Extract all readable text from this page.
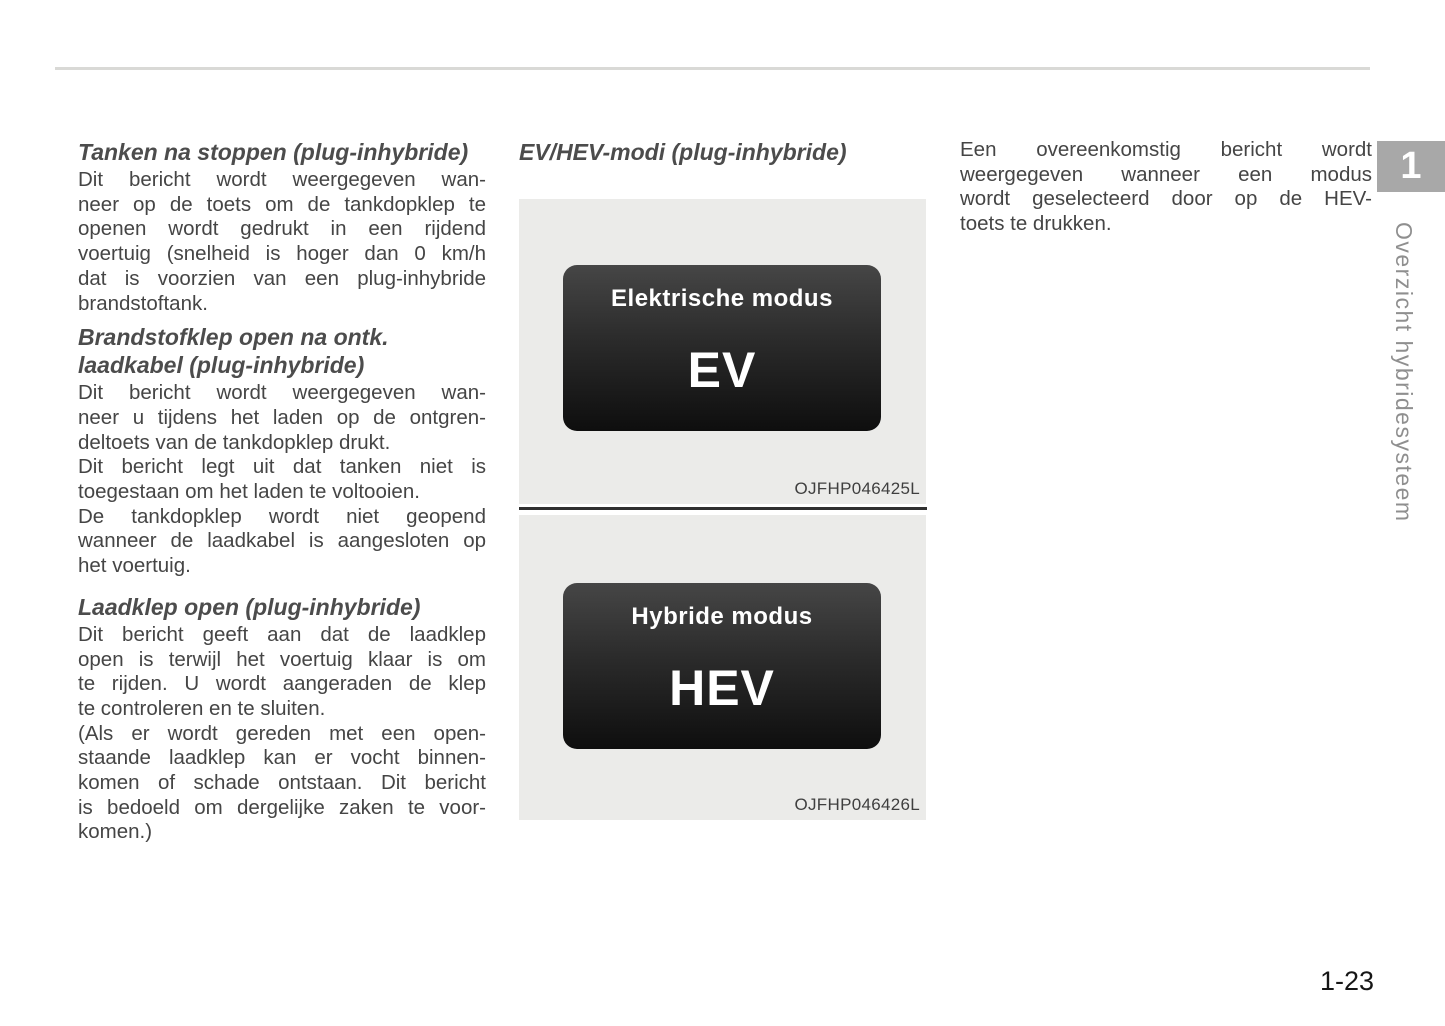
Tanken na stoppen (plug-inhybride)
Dit bericht wordt weergegeven wan-
neer op de toets om de tankdopklep te
openen wordt gedrukt in een rijdend
voertuig (snelheid is hoger dan 0 km/h
dat is voorzien van een plug-inhybride
brandstoftank.
Brandstofklep open na ontk.
laadkabel (plug-inhybride)
Dit bericht wordt weergegeven wan-
neer u tijdens het laden op de ontgren-
deltoets van de tankdopklep drukt.
Dit bericht legt uit dat tanken niet is
toegestaan om het laden te voltooien.
De tankdopklep wordt niet geopend
wanneer de laadkabel is aangesloten op
het voertuig.
Laadklep open (plug-inhybride)
Dit bericht geeft aan dat de laadklep
open is terwijl het voertuig klaar is om
te rijden. U wordt aangeraden de klep
te controleren en te sluiten.
(Als er wordt gereden met een open-
staande laadklep kan er vocht binnen-
komen of schade ontstaan. Dit bericht
is bedoeld om dergelijke zaken te voor-
komen.)
EV/HEV-modi (plug-inhybride)
Elektrische modus
EV
OJFHP046425L
Hybride modus
HEV
OJFHP046426L
Een overeenkomstig bericht wordt
weergegeven wanneer een modus
wordt geselecteerd door op de HEV-
toets te drukken.
1
Overzicht hybridesysteem
1-23
